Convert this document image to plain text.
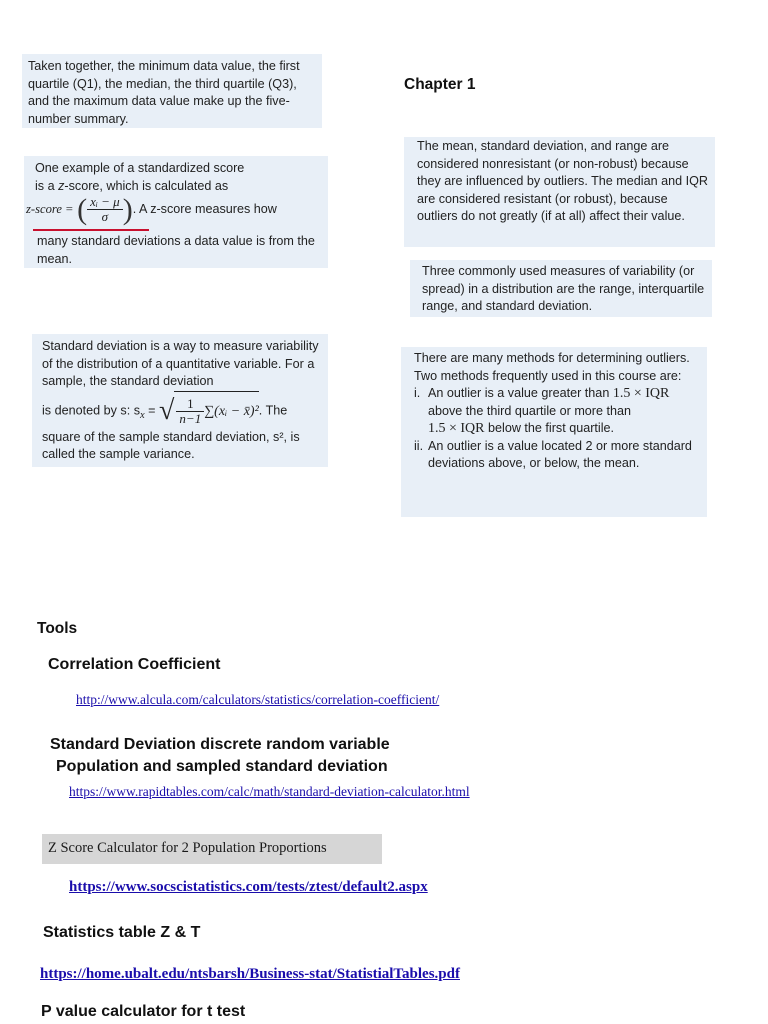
Taken together, the minimum data value, the first quartile (Q1), the median, the third quartile (Q3), and the maximum data value make up the five-number summary.

Chapter 1

One example of a standardized score

is a z-score, which is calculated as

z-score = ( $\frac{\text{xᵢ − μ}}{\sigma}$ ). A z-score measures how

many standard deviations a data value is from the mean.

Standard deviation is a way to measure variability of the distribution of a quantitative variable. For a sample, the standard deviation

is denoted by s: $s_x$ = √ $\frac{1}{n-1}$ ∑(xᵢ − x̄)². The

square of the sample standard deviation, s², is called the sample variance.

The mean, standard deviation, and range are considered nonresistant (or non-robust) because they are influenced by outliers. The median and IQR are considered resistant (or robust), because outliers do not greatly (if at all) affect their value.

Three commonly used measures of variability (or spread) in a distribution are the range, interquartile range, and standard deviation.

There are many methods for determining outliers. Two methods frequently used in this course are:

i. An outlier is a value greater than 1.5 × IQR above the third quartile or more than
1.5 × IQR below the first quartile.
ii. An outlier is a value located 2 or more standard deviations above, or below, the mean.
Tools
Correlation Coefficient
http://www.alcula.com/calculators/statistics/correlation-coefficient/
Standard Deviation discrete random variable
Population and sampled standard deviation
https://www.rapidtables.com/calc/math/standard-deviation-calculator.html
Z Score Calculator for 2 Population Proportions
https://www.socscistatistics.com/tests/ztest/default2.aspx
Statistics table Z & T
https://home.ubalt.edu/ntsbarsh/Business-stat/StatistialTables.pdf
P value calculator for t test
